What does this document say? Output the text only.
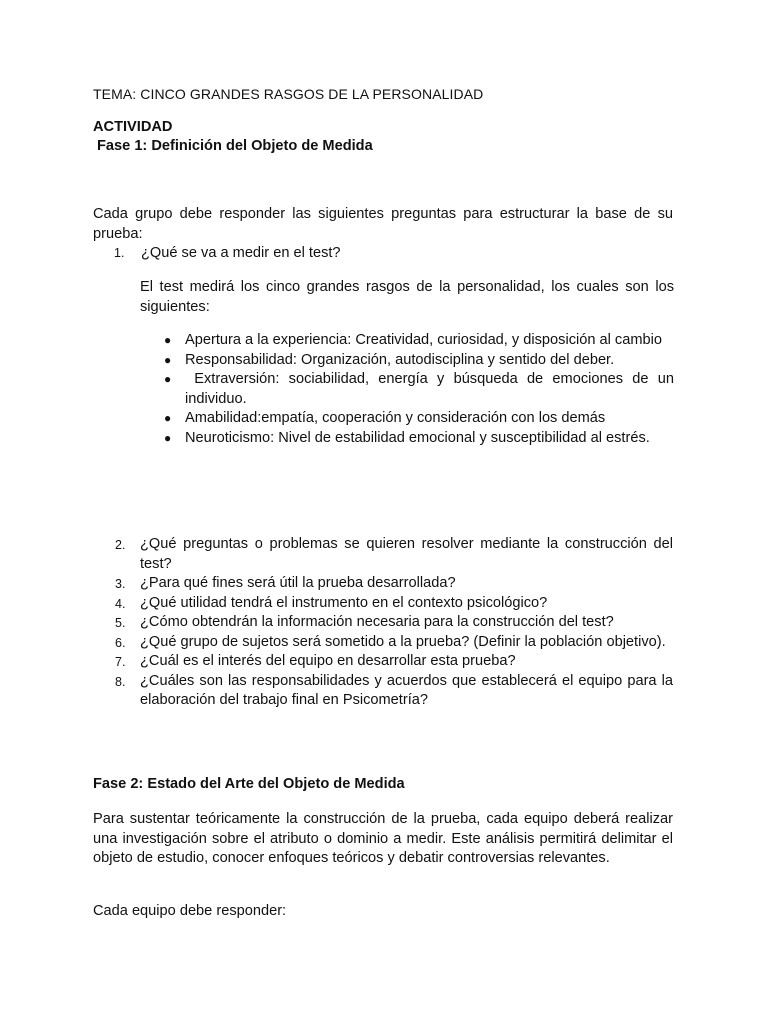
TEMA: CINCO GRANDES RASGOS DE LA PERSONALIDAD
ACTIVIDAD
Fase 1: Definición del Objeto de Medida
Cada grupo debe responder las siguientes preguntas para estructurar la base de su prueba:
1. ¿Qué se va a medir en el test?
El test medirá los cinco grandes rasgos de la personalidad, los cuales son los siguientes:
● Apertura a la experiencia: Creatividad, curiosidad, y disposición al cambio
● Responsabilidad: Organización, autodisciplina y sentido del deber.
● Extraversión: sociabilidad, energía y búsqueda de emociones de un individuo.
● Amabilidad:empatía, cooperación y consideración con los demás
● Neuroticismo: Nivel de estabilidad emocional y susceptibilidad al estrés.
2. ¿Qué preguntas o problemas se quieren resolver mediante la construcción del test?
3. ¿Para qué fines será útil la prueba desarrollada?
4. ¿Qué utilidad tendrá el instrumento en el contexto psicológico?
5. ¿Cómo obtendrán la información necesaria para la construcción del test?
6. ¿Qué grupo de sujetos será sometido a la prueba? (Definir la población objetivo).
7. ¿Cuál es el interés del equipo en desarrollar esta prueba?
8. ¿Cuáles son las responsabilidades y acuerdos que establecerá el equipo para la elaboración del trabajo final en Psicometría?
Fase 2: Estado del Arte del Objeto de Medida
Para sustentar teóricamente la construcción de la prueba, cada equipo deberá realizar una investigación sobre el atributo o dominio a medir. Este análisis permitirá delimitar el objeto de estudio, conocer enfoques teóricos y debatir controversias relevantes.
Cada equipo debe responder:
